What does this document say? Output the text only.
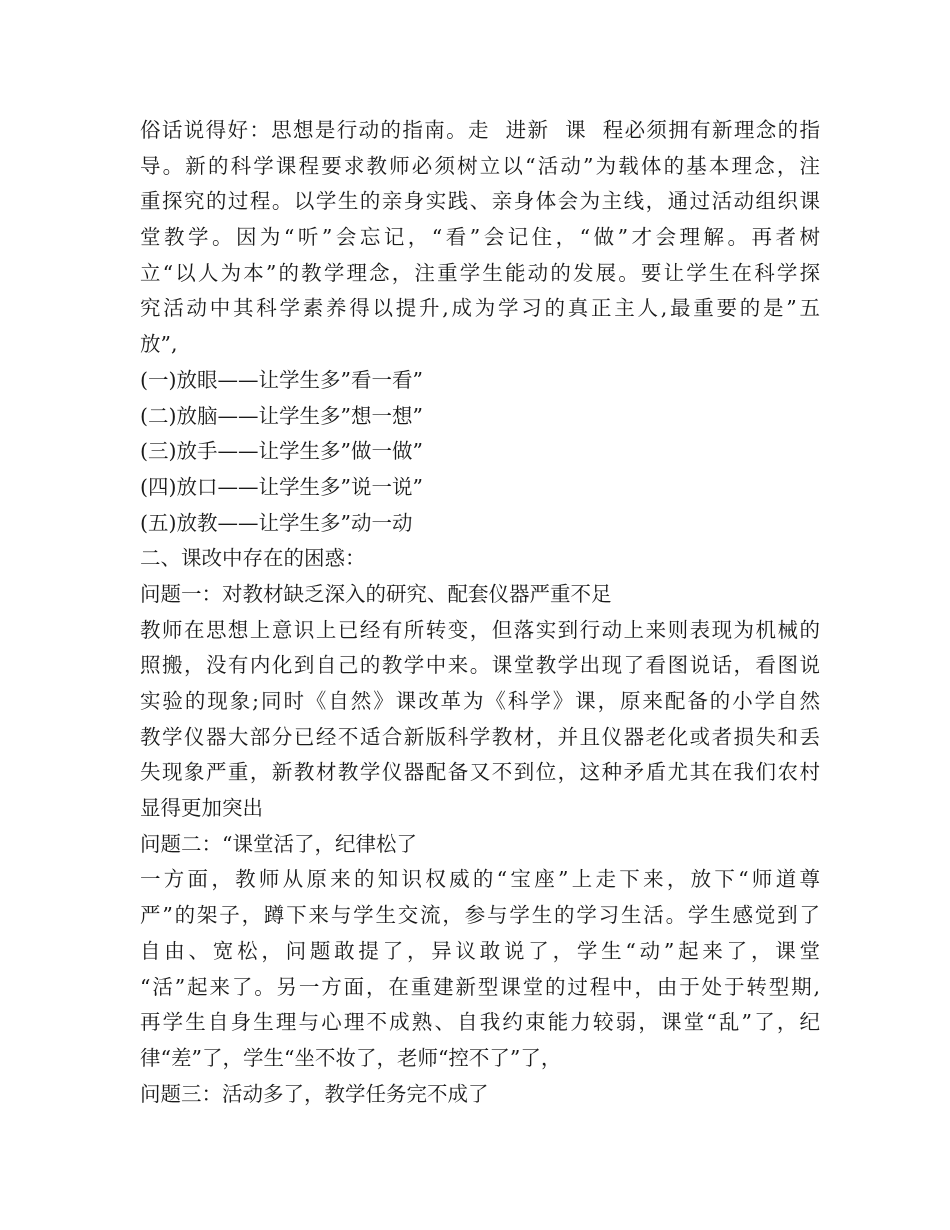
俗话说得好：思想是行动的指南。走  进新  课  程必须拥有新理念的指
导。新的科学课程要求教师必须树立以“活动”为载体的基本理念，注
重探究的过程。以学生的亲身实践、亲身体会为主线，通过活动组织课
堂教学。因为“听”会忘记，“看”会记住，“做”才会理解。再者树
立“以人为本”的教学理念，注重学生能动的发展。要让学生在科学探
究活动中其科学素养得以提升,成为学习的真正主人,最重要的是”五
放”,
(一)放眼——让学生多”看一看”
(二)放脑——让学生多”想一想”
(三)放手——让学生多”做一做”
(四)放口——让学生多”说一说”
(五)放教——让学生多”动一动
二、课改中存在的困惑：
问题一：对教材缺乏深入的研究、配套仪器严重不足
教师在思想上意识上已经有所转变，但落实到行动上来则表现为机械的
照搬，没有内化到自己的教学中来。课堂教学出现了看图说话，看图说
实验的现象;同时《自然》课改革为《科学》课，原来配备的小学自然
教学仪器大部分已经不适合新版科学教材，并且仪器老化或者损失和丢
失现象严重，新教材教学仪器配备又不到位，这种矛盾尤其在我们农村
显得更加突出
问题二：“课堂活了，纪律松了
一方面，教师从原来的知识权威的“宝座”上走下来，放下“师道尊
严”的架子，蹲下来与学生交流，参与学生的学习生活。学生感觉到了
自由、宽松，问题敢提了，异议敢说了，学生“动”起来了，课堂
“活”起来了。另一方面，在重建新型课堂的过程中，由于处于转型期,
再学生自身生理与心理不成熟、自我约束能力较弱，课堂“乱”了，纪
律“差”了，学生“坐不妆了，老师“控不了”了，
问题三：活动多了，教学任务完不成了
